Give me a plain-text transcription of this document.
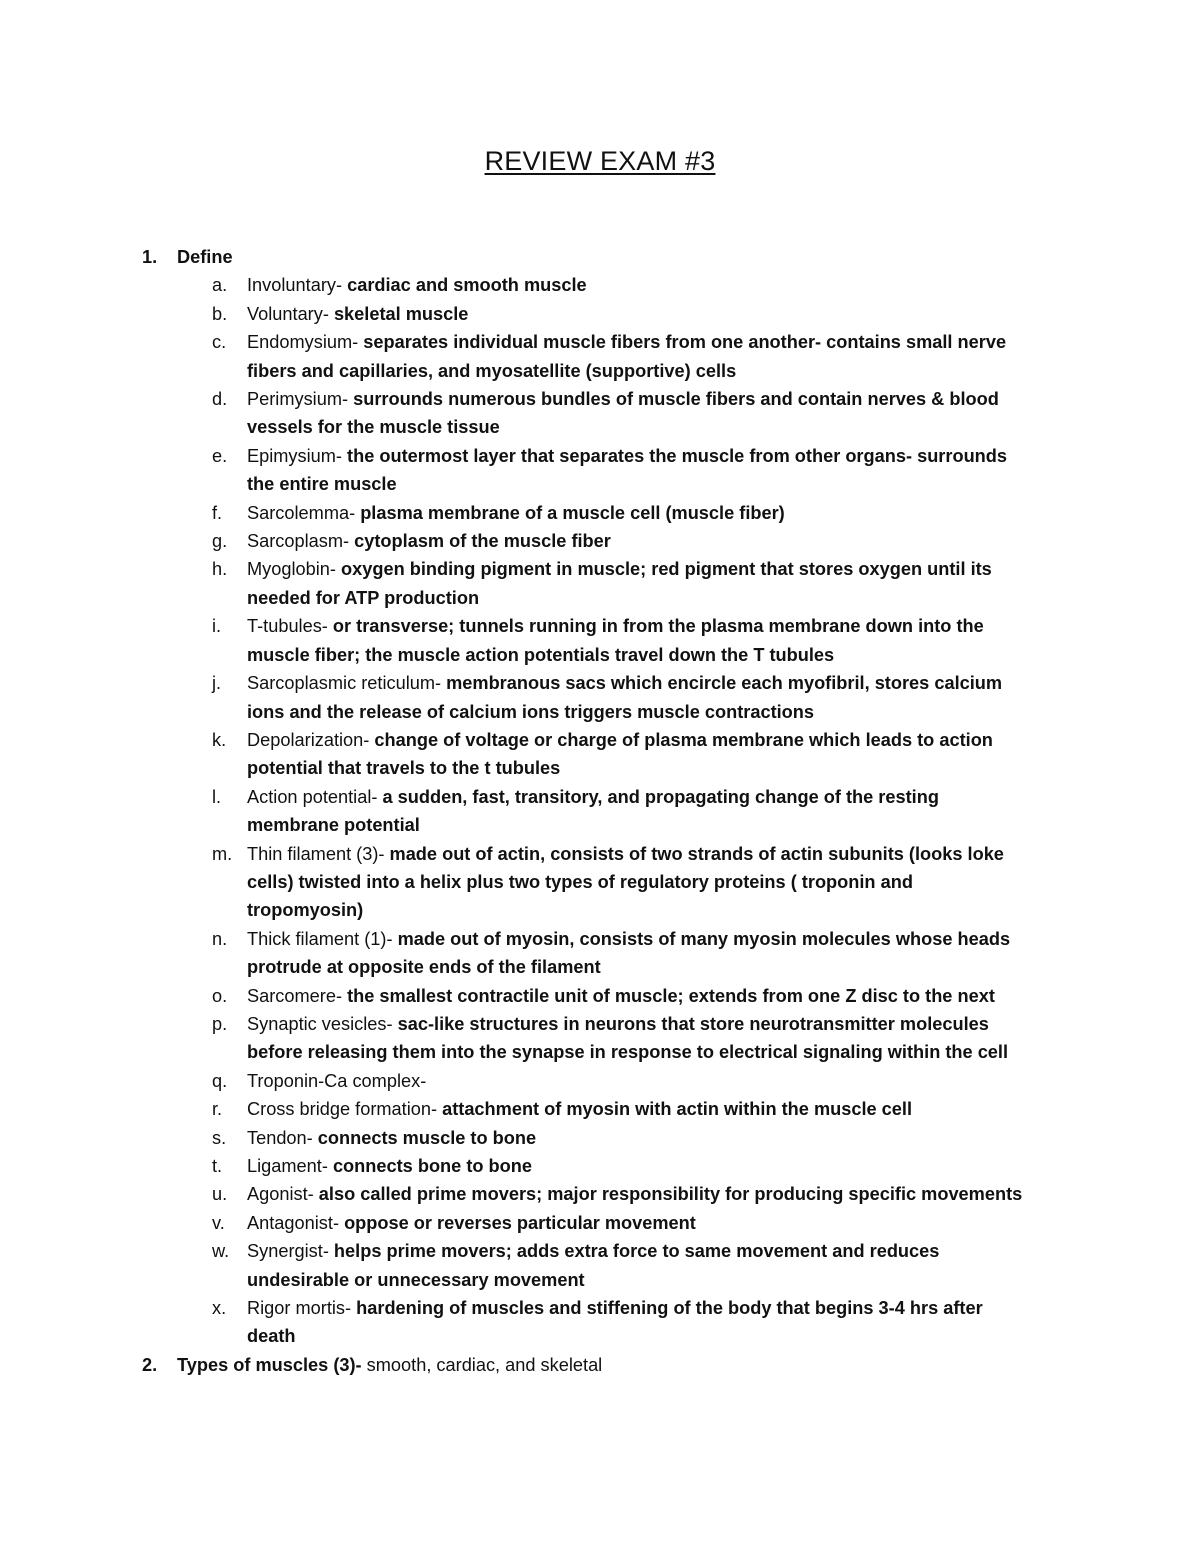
REVIEW EXAM #3
1. Define
a. Involuntary- cardiac and smooth muscle
b. Voluntary- skeletal muscle
c. Endomysium- separates individual muscle fibers from one another- contains small nerve fibers and capillaries, and myosatellite (supportive) cells
d. Perimysium- surrounds numerous bundles of muscle fibers and contain nerves & blood vessels for the muscle tissue
e. Epimysium- the outermost layer that separates the muscle from other organs- surrounds the entire muscle
f. Sarcolemma- plasma membrane of a muscle cell (muscle fiber)
g. Sarcoplasm- cytoplasm of the muscle fiber
h. Myoglobin- oxygen binding pigment in muscle; red pigment that stores oxygen until its needed for ATP production
i. T-tubules- or transverse; tunnels running in from the plasma membrane down into the muscle fiber; the muscle action potentials travel down the T tubules
j. Sarcoplasmic reticulum- membranous sacs which encircle each myofibril, stores calcium ions and the release of calcium ions triggers muscle contractions
k. Depolarization- change of voltage or charge of plasma membrane which leads to action potential that travels to the t tubules
l. Action potential- a sudden, fast, transitory, and propagating change of the resting membrane potential
m. Thin filament (3)- made out of actin, consists of two strands of actin subunits (looks loke cells) twisted into a helix plus two types of regulatory proteins ( troponin and tropomyosin)
n. Thick filament (1)- made out of myosin, consists of many myosin molecules whose heads protrude at opposite ends of the filament
o. Sarcomere- the smallest contractile unit of muscle; extends from one Z disc to the next
p. Synaptic vesicles- sac-like structures in neurons that store neurotransmitter molecules before releasing them into the synapse in response to electrical signaling within the cell
q. Troponin-Ca complex-
r. Cross bridge formation- attachment of myosin with actin within the muscle cell
s. Tendon- connects muscle to bone
t. Ligament- connects bone to bone
u. Agonist- also called prime movers; major responsibility for producing specific movements
v. Antagonist- oppose or reverses particular movement
w. Synergist- helps prime movers; adds extra force to same movement and reduces undesirable or unnecessary movement
x. Rigor mortis- hardening of muscles and stiffening of the body that begins 3-4 hrs after death
2. Types of muscles (3)- smooth, cardiac, and skeletal
